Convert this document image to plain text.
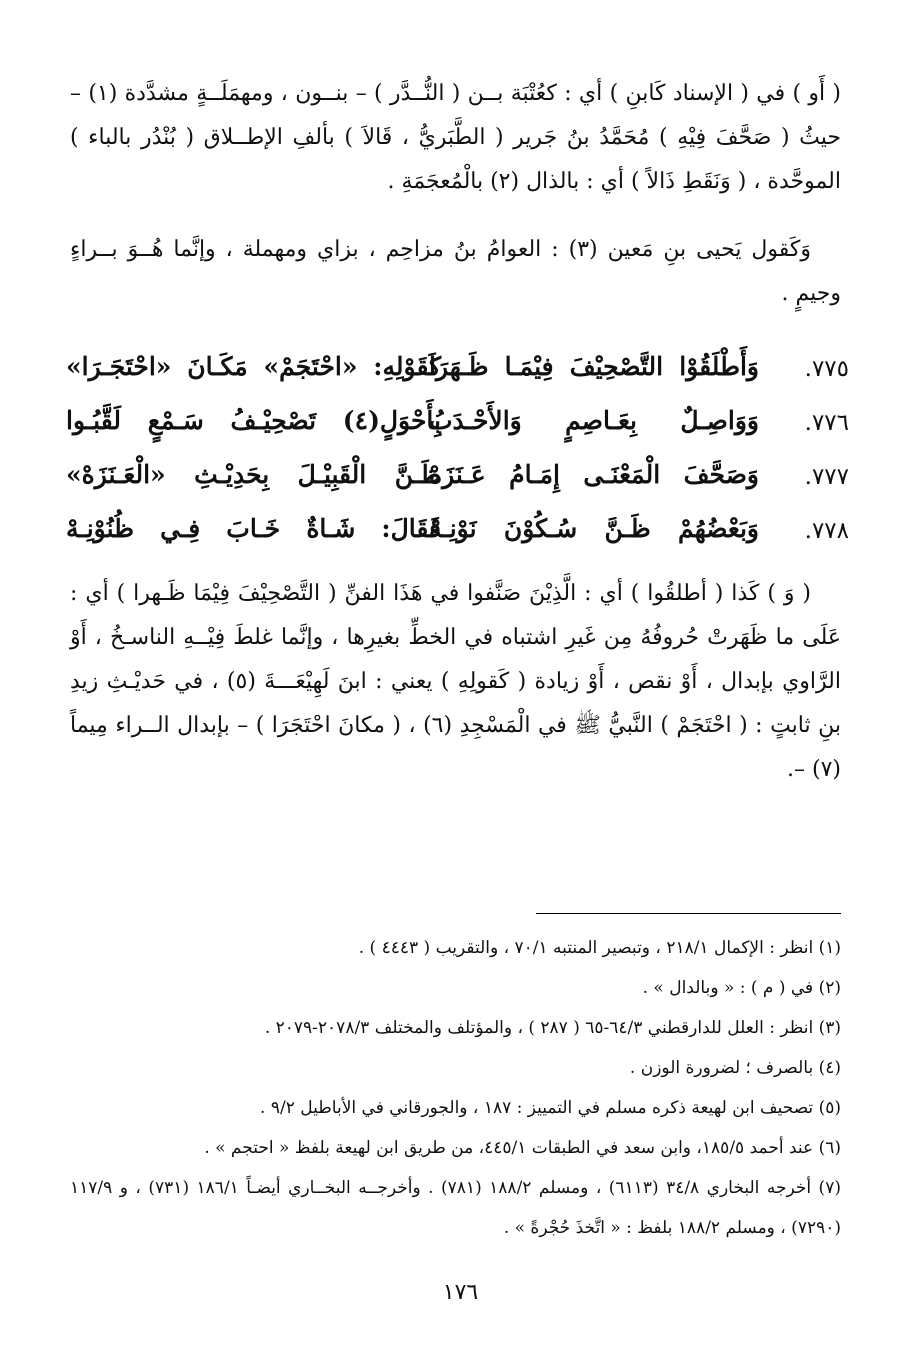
( أَو ) في ( الإسناد كَابنِ ) أي : كعُتْبَة بــن ( النُّــدَّر ) – بنــون ، ومهمَلَــةٍ مشدَّدة (١) – حيثُ ( صَحَّفَ فِيْهِ ) مُحَمَّدُ بنُ جَرير ( الطَّبَريُّ ، قَالاَ ) بألفِ الإطــلاق ( بُنْدُر بالباء ) الموحَّدة ، ( وَنَقَطِ ذَالاً ) أي : بالذال (٢) بالْمُعجَمَةِ .
وَكَقول يَحيى بنِ مَعين (٣) : العوامُ بنُ مزاحِم ، بزاي ومهملة ، وإنَّما هُــوَ بــراءٍ وجيمٍ .
٧٧٥.
وَأَطْلَقُوْا التَّصْحِيْفَ فِيْمَـا ظَـهَرَا
كَقَوْلِهِ: «احْتَجَمْ» مَكَـانَ «احْتَجَـرَا»
٧٧٦.
وَوَاصِـلٌ بِعَـاصِمٍ وَالأَحْـدَبُ
بِأَحْوَلٍ(٤) تَصْحِيْـفُ سَـمْعٍ لَقَّبُـوا
٧٧٧.
وَصَحَّفَ الْمَعْنَـى إِمَـامُ عَـنَزَهْ
ظَـنَّ الْقَبِيْـلَ بِحَدِيْـثِ «الْعَـنَزَهْ»
٧٧٨.
وَبَعْضُهُمْ ظَـنَّ سُـكُوْنَ نَوْنِـهْ
فَقَالَ: شَـاةٌ خَـابَ فِـي ظُنُوْنِـهْ
( وَ ) كَذا ( أطلقُوا ) أي : الَّذِيْنَ صَنَّفوا في هَذَا الفنِّ ( التَّصْحِيْفَ فِيْمَا ظَـهرا ) أي : عَلَى ما ظَهَرتْ حُروفُهُ مِن غَيرِ اشتباه في الخطِّ بغيرِها ، وإنَّما غلطَ فِيْــهِ الناسـخُ ، أَوْ الرَّاوي بإبدال ، أَوْ نقص ، أَوْ زيادة ( كَقولِهِ ) يعني : ابنَ لَهِيْعَـــةَ (٥) ، في حَديْـثِ زيدِ بنِ ثابتٍ : ( احْتَجَمْ ) النَّبيُّ ﷺ في الْمَسْجِدِ (٦) ، ( مكانَ احْتَجَرَا ) – بإبدال الــراء مِيماً (٧) –.
(١) انظر : الإكمال ٢١٨/١ ، وتبصير المنتبه ٧٠/١ ، والتقريب ( ٤٤٤٣ ) .
(٢) في ( م ) : « وبالدال » .
(٣) انظر : العلل للدارقطني ٦٤/٣-٦٥ ( ٢٨٧ ) ، والمؤتلف والمختلف ٢٠٧٨/٣-٢٠٧٩ .
(٤) بالصرف ؛ لضرورة الوزن .
(٥) تصحيف ابن لهيعة ذكره مسلم في التمييز : ١٨٧ ، والجورقاني في الأباطيل ٩/٢ .
(٦) عند أحمد ١٨٥/٥، وابن سعد في الطبقات ٤٤٥/١، من طريق ابن لهيعة بلفظ « احتجم » .
(٧) أخرجه البخاري ٣٤/٨ (٦١١٣) ، ومسلم ١٨٨/٢ (٧٨١) . وأخرجــه البخــاري أيضـاً ١٨٦/١ (٧٣١) ، و ١١٧/٩ (٧٢٩٠) ، ومسلم ١٨٨/٢ بلفظ : « اتَّخذَ حُجْرةً » .
١٧٦
